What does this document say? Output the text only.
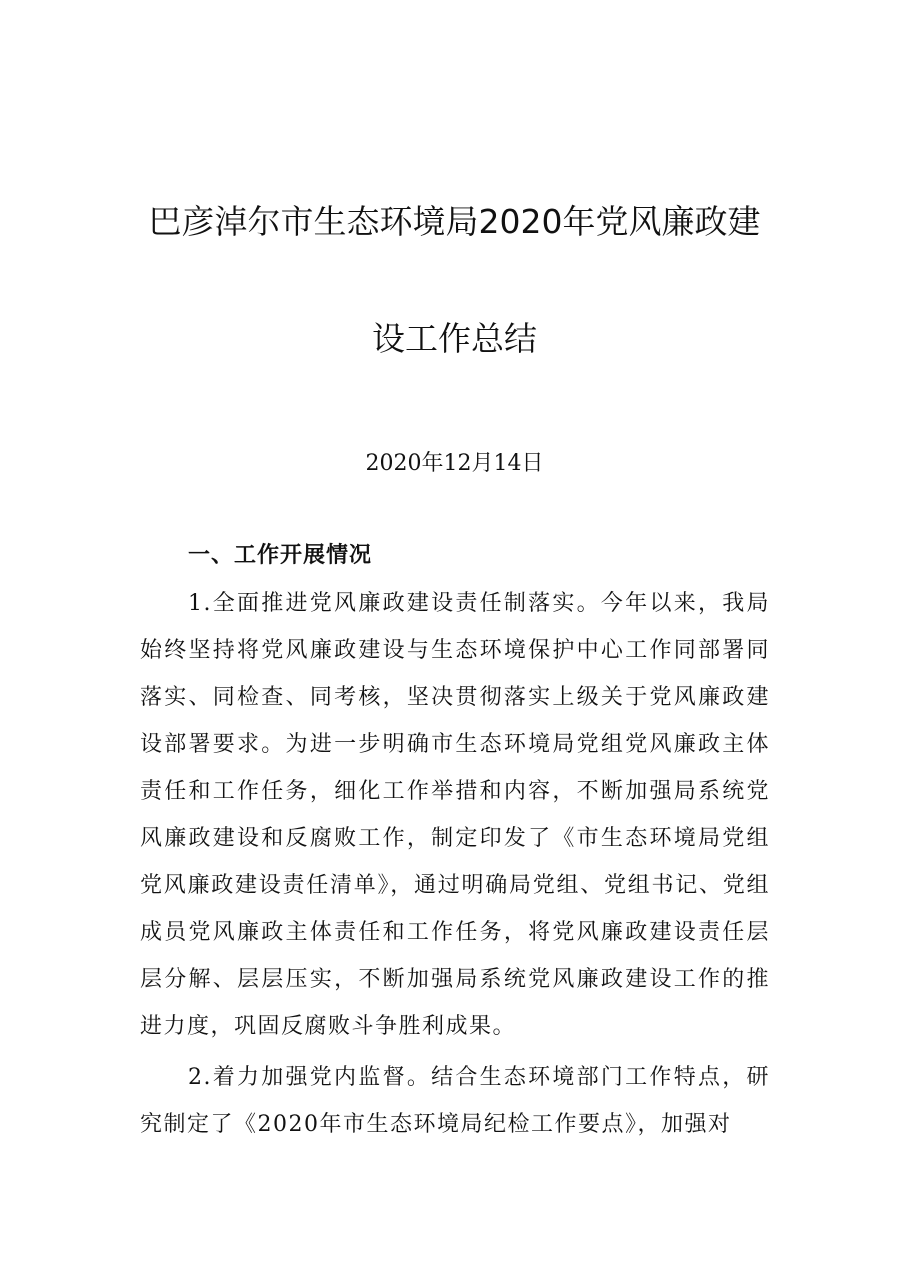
巴彦淖尔市生态环境局2020年党风廉政建
设工作总结
2020年12月14日
一、工作开展情况

1.全面推进党风廉政建设责任制落实。今年以来，我局始终坚持将党风廉政建设与生态环境保护中心工作同部署同落实、同检查、同考核，坚决贯彻落实上级关于党风廉政建设部署要求。为进一步明确市生态环境局党组党风廉政主体责任和工作任务，细化工作举措和内容，不断加强局系统党风廉政建设和反腐败工作，制定印发了《市生态环境局党组党风廉政建设责任清单》，通过明确局党组、党组书记、党组成员党风廉政主体责任和工作任务，将党风廉政建设责任层层分解、层层压实，不断加强局系统党风廉政建设工作的推进力度，巩固反腐败斗争胜利成果。

2.着力加强党内监督。结合生态环境部门工作特点，研究制定了《2020年市生态环境局纪检工作要点》，加强对
